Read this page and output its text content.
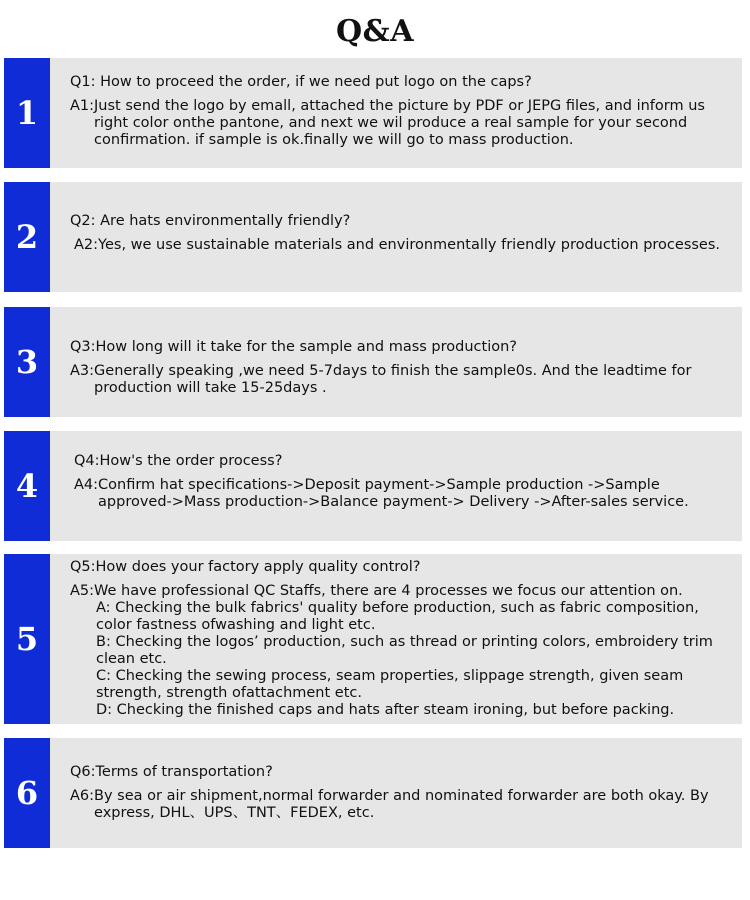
Q&A
1
Q1: How to proceed the order, if we need put logo on the caps?
A1: Just send the logo by emall, attached the picture by PDF or JEPG files, and inform us right color onthe pantone, and next we wil produce a real sample for your second confirmation. if sample is ok.finally we will go to mass production.
2	Q2: Are hats environmentally friendly?
A2: Yes, we use sustainable materials and environmentally friendly production processes.
3	Q3:How long will it take for the sample and mass production?
A3: Generally speaking ,we need 5-7days to finish the sample0s. And the leadtime for production will take 15-25days .
4
Q4:How's the order process?
A4: Confirm hat specifications->Deposit payment->Sample production ->Sample approved->Mass production->Balance payment-> Delivery ->After-sales service.
5
Q5:How does your factory apply quality control?
A5: We have professional QC Staffs, there are 4 processes we focus our attention on.
A: Checking the bulk fabrics' quality before production, such as fabric composition, color fastness ofwashing and light etc.
B: Checking the logos’ production, such as thread or printing colors, embroidery trim clean etc.
C: Checking the sewing process, seam properties, slippage strength, given seam strength, strength ofattachment etc.
D: Checking the finished caps and hats after steam ironing, but before packing.
6
Q6:Terms of transportation?
A6: By sea or air shipment,normal forwarder and nominated forwarder are both okay. By express, DHL、UPS、TNT、FEDEX, etc.
